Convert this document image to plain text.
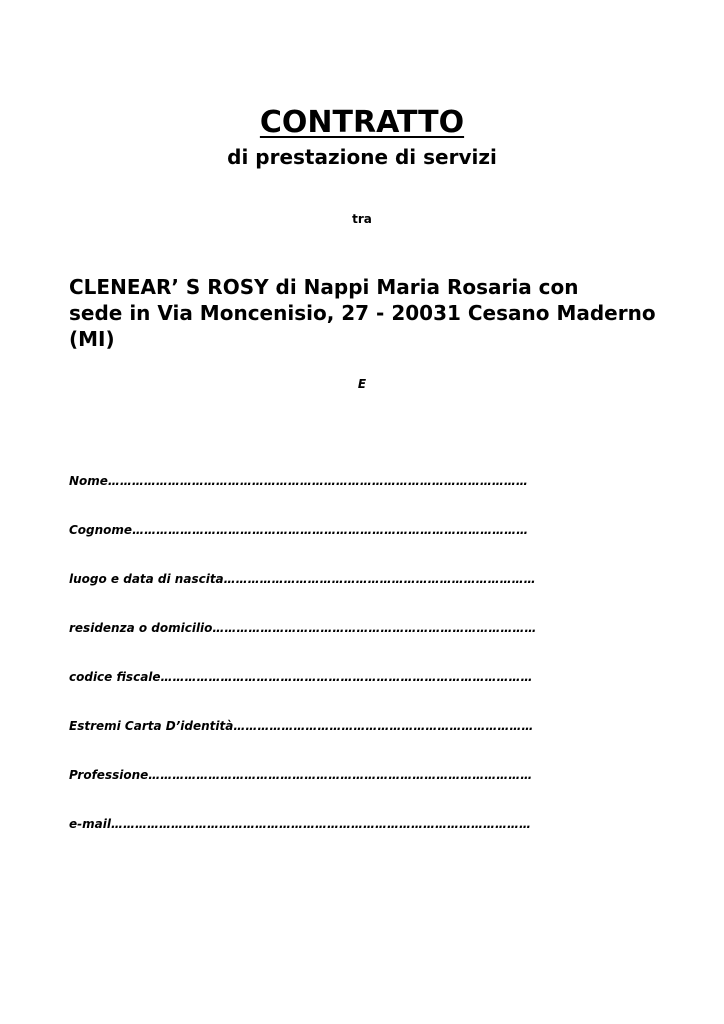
CONTRATTO
di prestazione di servizi
tra

CLENEAR’ S ROSY di Nappi Maria Rosaria con
sede in Via Moncenisio, 27 - 20031 Cesano Maderno
(MI)

E
Nome……………………………………………………………………………………………
Cognome………………………………………………………………………………………
luogo e data di nascita……………………………………………………………………
residenza o domicilio………………………………………………………………………
codice fiscale…………………………………………………………………………………
Estremi Carta D’identità…………………………………………………………………
Professione……………………………………………………………………………………
e-mail……………………………………………………………………………………………
